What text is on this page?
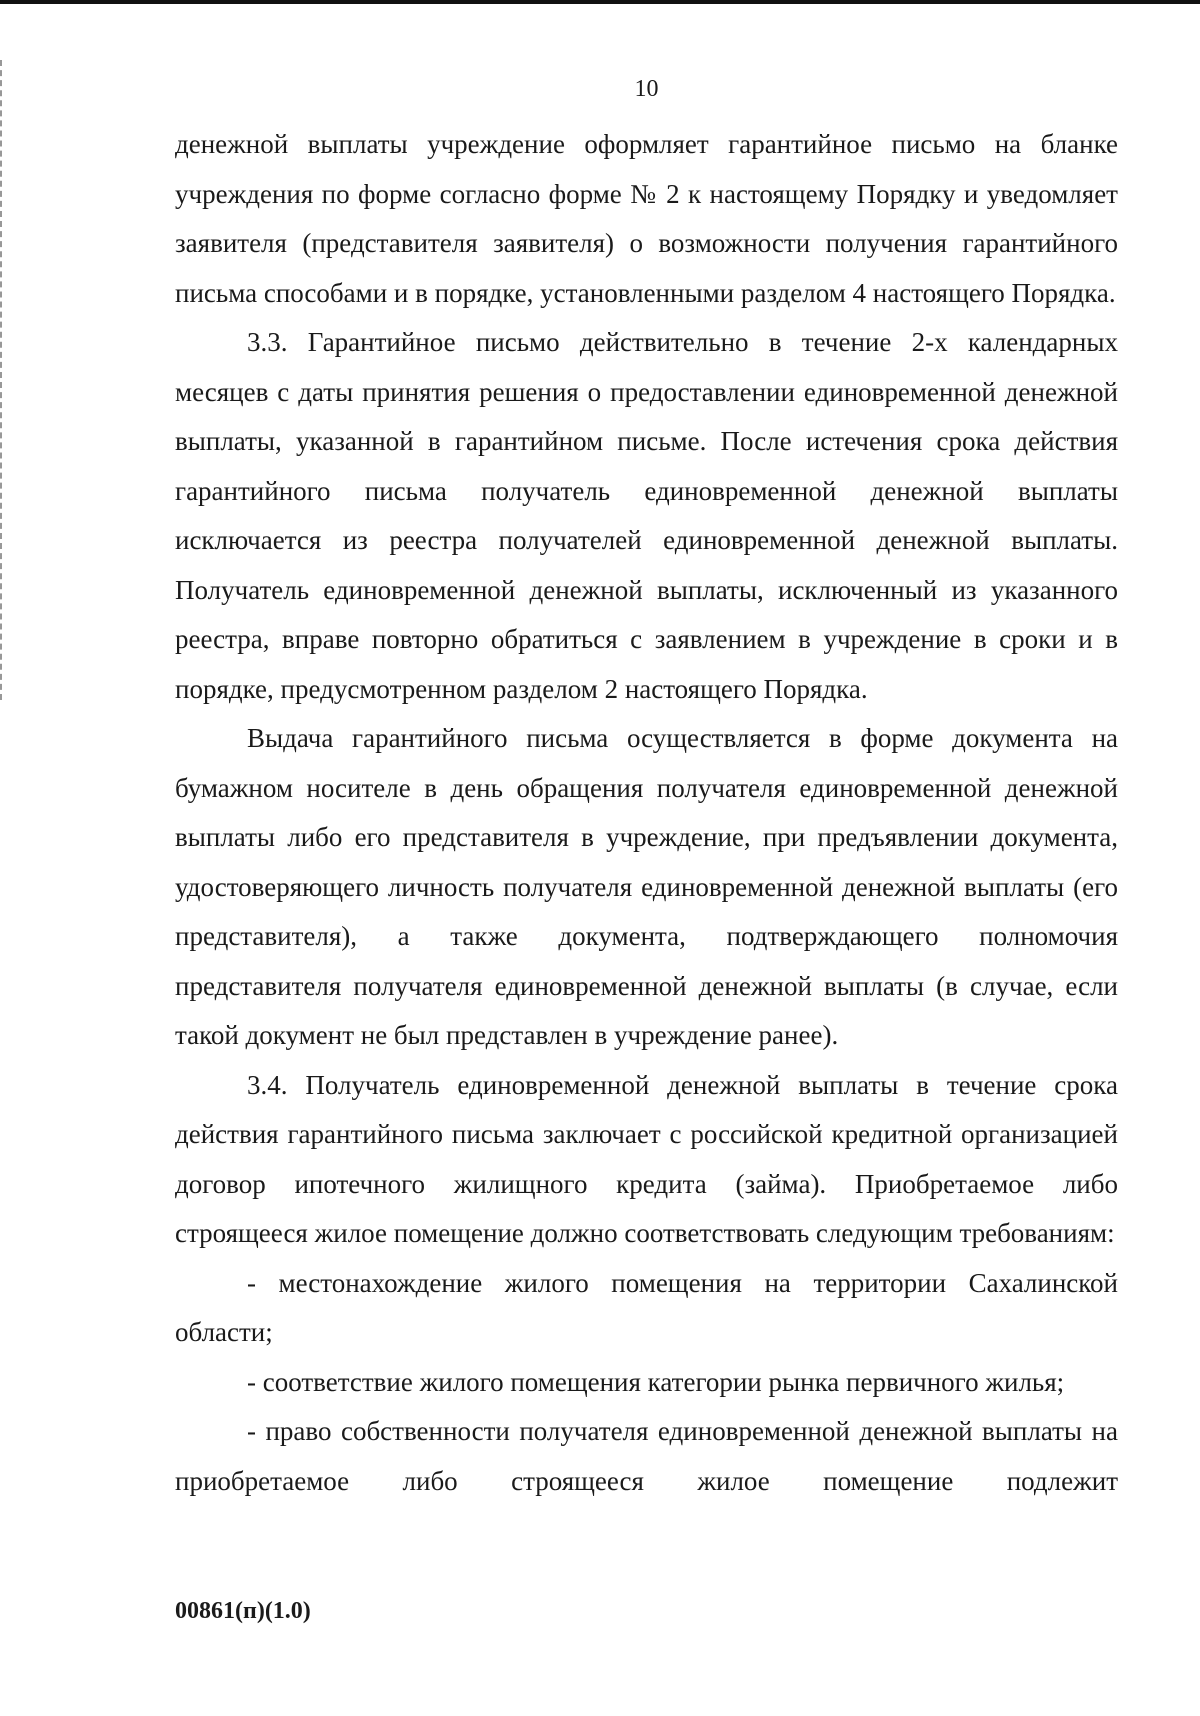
10

денежной выплаты учреждение оформляет гарантийное письмо на бланке учреждения по форме согласно форме № 2 к настоящему Порядку и уведомляет заявителя (представителя заявителя) о возможности получения гарантийного письма способами и в порядке, установленными разделом 4 настоящего Порядка.

3.3. Гарантийное письмо действительно в течение 2-х календарных месяцев с даты принятия решения о предоставлении единовременной денежной выплаты, указанной в гарантийном письме. После истечения срока действия гарантийного письма получатель единовременной денежной выплаты исключается из реестра получателей единовременной денежной выплаты. Получатель единовременной денежной выплаты, исключенный из указанного реестра, вправе повторно обратиться с заявлением в учреждение в сроки и в порядке, предусмотренном разделом 2 настоящего Порядка.

Выдача гарантийного письма осуществляется в форме документа на бумажном носителе в день обращения получателя единовременной денежной выплаты либо его представителя в учреждение, при предъявлении документа, удостоверяющего личность получателя единовременной денежной выплаты (его представителя), а также документа, подтверждающего полномочия представителя получателя единовременной денежной выплаты (в случае, если такой документ не был представлен в учреждение ранее).

3.4. Получатель единовременной денежной выплаты в течение срока действия гарантийного письма заключает с российской кредитной организацией договор ипотечного жилищного кредита (займа). Приобретаемое либо строящееся жилое помещение должно соответствовать следующим требованиям:

- местонахождение жилого помещения на территории Сахалинской области;

- соответствие жилого помещения категории рынка первичного жилья;

- право собственности получателя единовременной денежной выплаты на приобретаемое либо строящееся жилое помещение подлежит

00861(п)(1.0)
